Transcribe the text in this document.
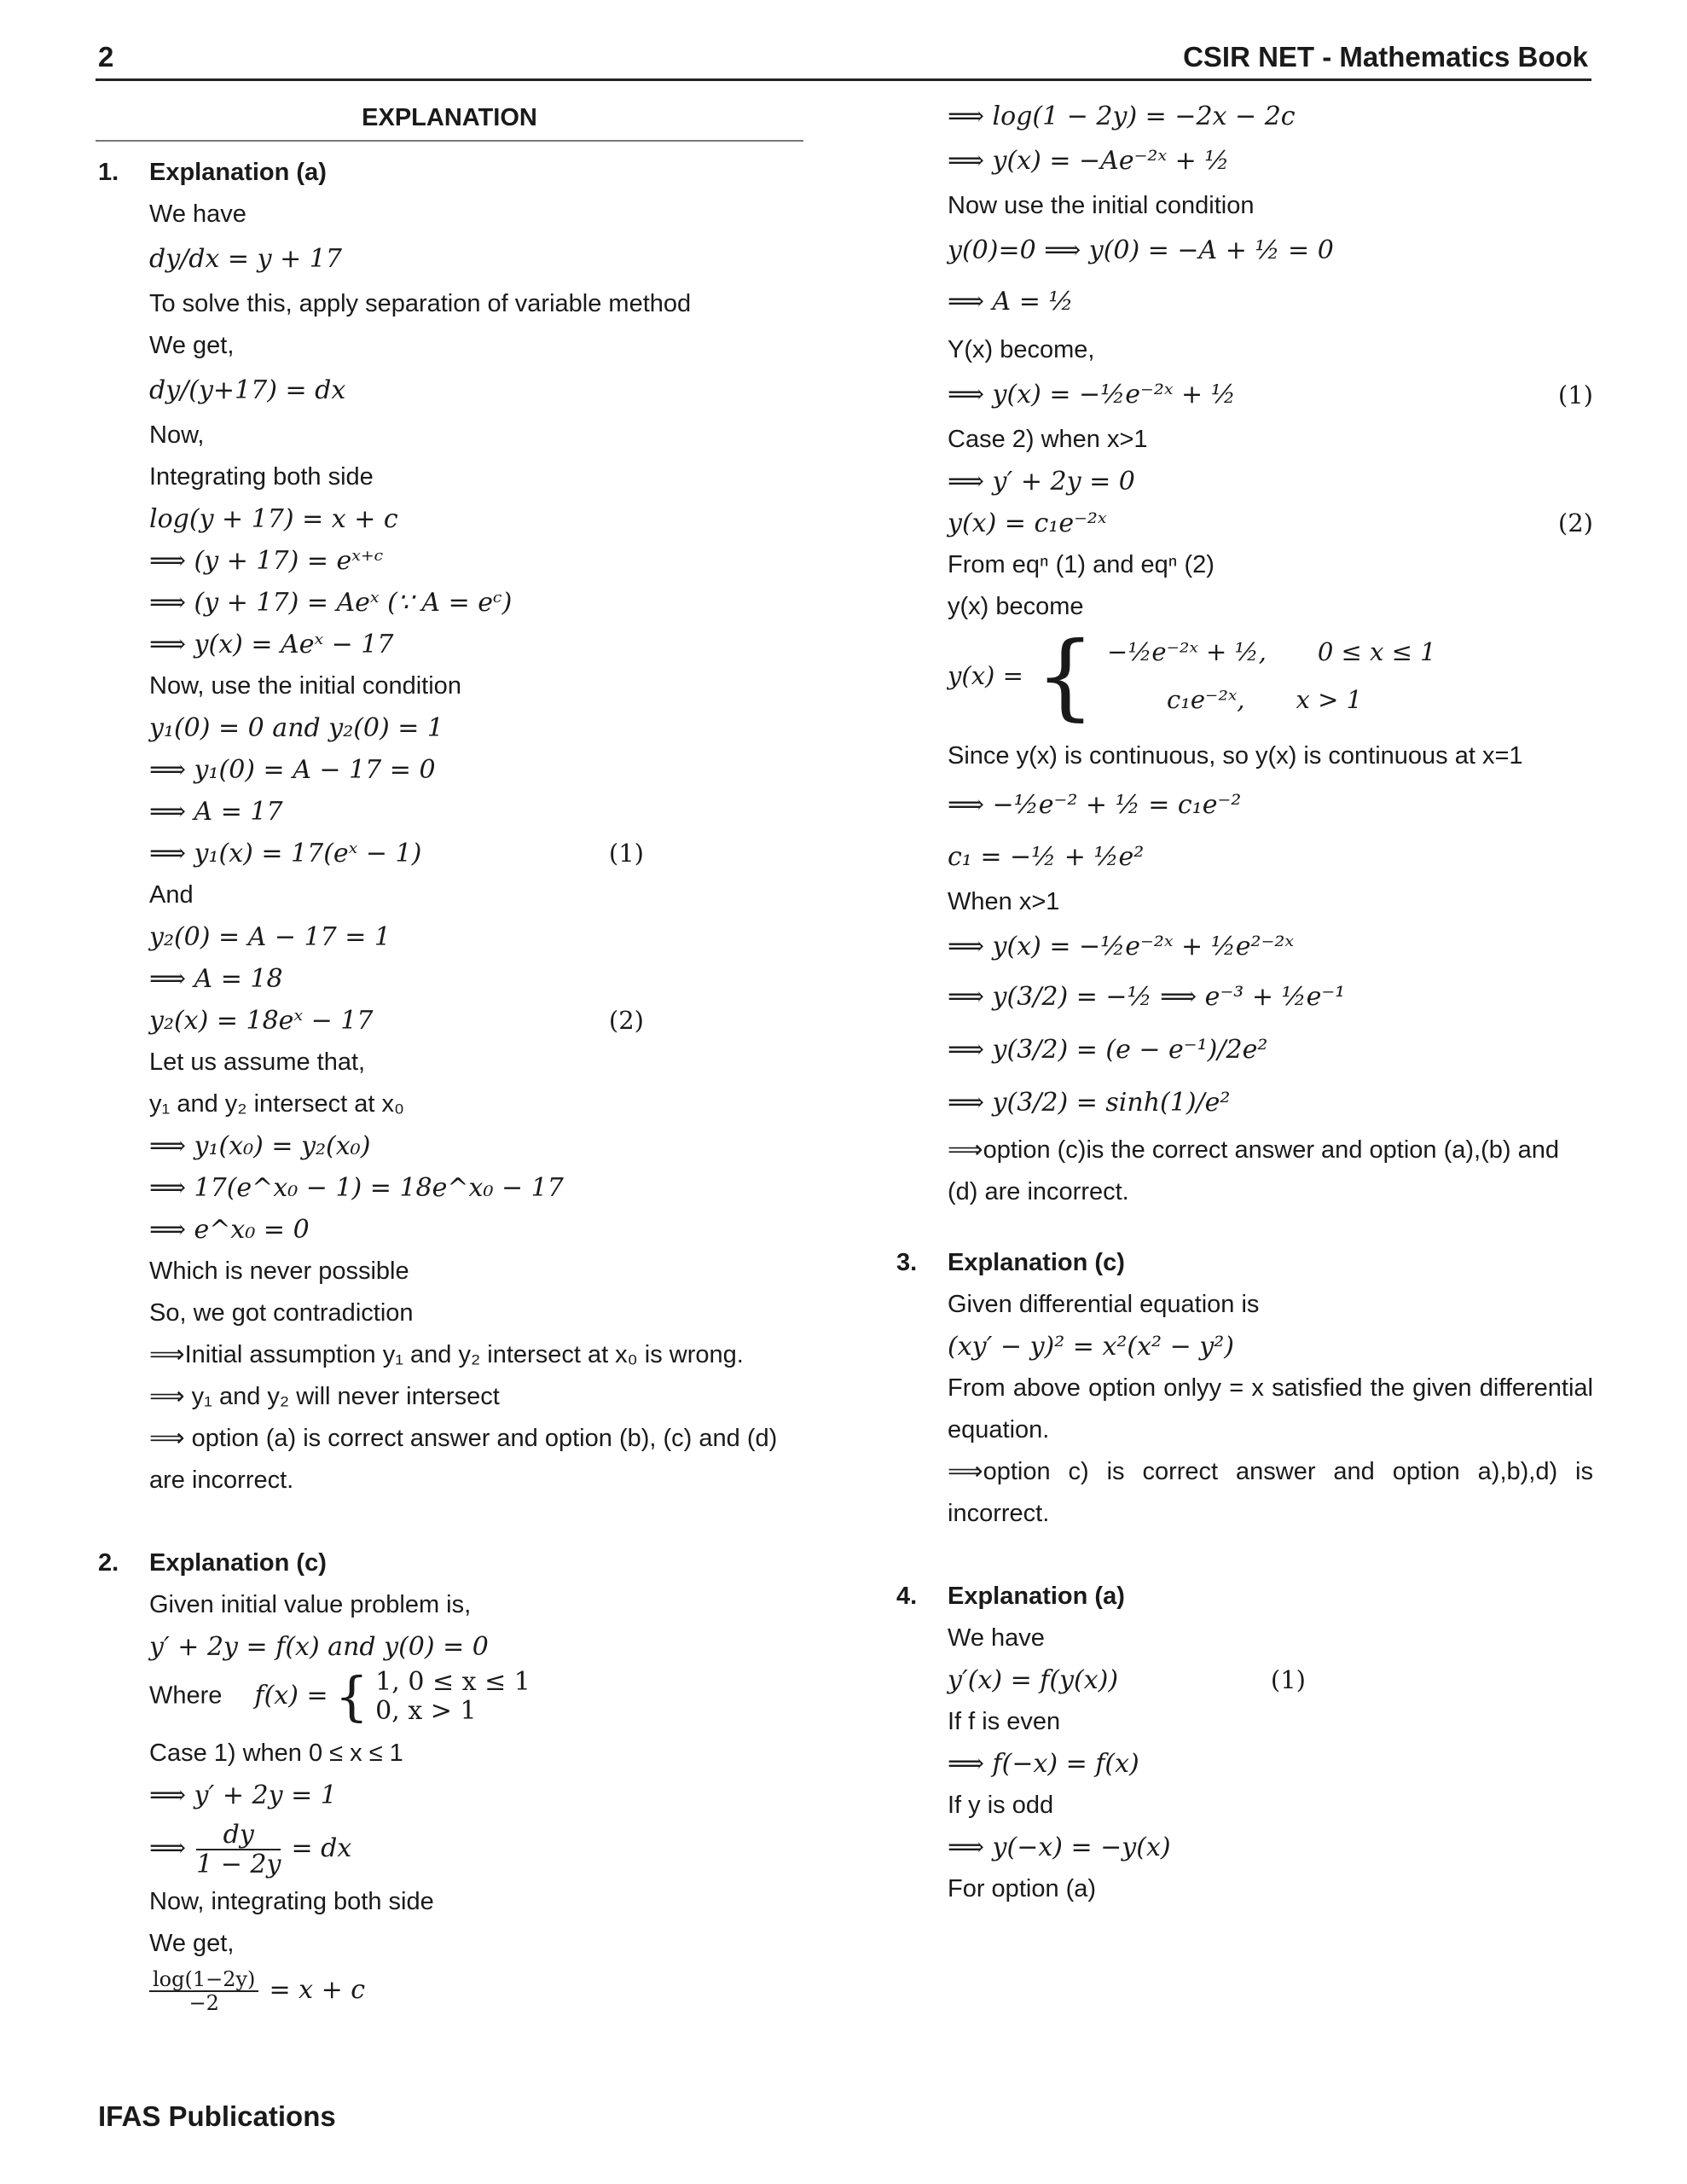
2	CSIR NET - Mathematics Book
EXPLANATION
1. Explanation (a)
We have
dy/dx = y + 17
To solve this, apply separation of variable method
We get,
dy/(y+17) = dx
Now,
Integrating both side
log(y + 17) = x + c
⟹ (y + 17) = eˣ⁺ᶜ
⟹ (y + 17) = Aeˣ (∵ A = eᶜ)
⟹ y(x) = Aeˣ − 17
Now, use the initial condition
y₁(0) = 0 and y₂(0) = 1
⟹ y₁(0) = A − 17 = 0
⟹ A = 17
⟹ y₁(x) = 17(eˣ − 1)	(1)
And
y₂(0) = A − 17 = 1
⟹ A = 18
y₂(x) = 18eˣ − 17	(2)
Let us assume that,
y₁ and y₂ intersect at x₀
⟹ y₁(x₀) = y₂(x₀)
⟹ 17(e^x₀ − 1) = 18e^x₀ − 17
⟹ e^x₀ = 0
Which is never possible
So, we got contradiction
⟹Initial assumption y₁ and y₂ intersect at x₀ is wrong.
⟹ y₁ and y₂ will never intersect
⟹ option (a) is correct answer and option (b), (c) and (d)
are incorrect.
2. Explanation (c)
Given initial value problem is,
y′ + 2y = f(x) and y(0) = 0
Where f(x) = { 1, 0 ≤ x ≤ 1
0, x > 1
Case 1) when 0 ≤ x ≤ 1
⟹ y′ + 2y = 1
⟹ $\frac{dy}{1 - 2y}$ = dx
Now, integrating both side
We get,
$\frac{\log(1-2y)}{-2} = x + c$
⟹ log(1 − 2y) = −2x − 2c
⟹ y(x) = −Ae⁻²ˣ + ½
Now use the initial condition
y(0)=0 ⟹ y(0) = −A + ½ = 0
⟹ A = ½
Y(x) become,
⟹ y(x) = −½e⁻²ˣ + ½	(1)
Case 2) when x>1
⟹ y′ + 2y = 0
y(x) = c₁e⁻²ˣ	(2)
From eqⁿ (1) and eqⁿ (2)
y(x) become
y(x) = { −½e⁻²ˣ + ½, 0 ≤ x ≤ 1
c₁e⁻²ˣ, x > 1
Since y(x) is continuous, so y(x) is continuous at x=1
⟹ −½e⁻² + ½ = c₁e⁻²
c₁ = −½ + ½e²
When x>1
⟹ y(x) = −½e⁻²ˣ + ½e²⁻²ˣ
⟹ y(3/2) = −½ ⟹ e⁻³ + ½e⁻¹
⟹ y(3/2) = (e − e⁻¹)/2e²
⟹ y(3/2) = sinh(1)/e²
⟹option (c)is the correct answer and option (a),(b) and
(d) are incorrect.
3. Explanation (c)
Given differential equation is
(xy′ − y)² = x²(x² − y²)
From above option onlyy = x satisfied the given differential equation.
⟹option c) is correct answer and option a),b),d) is incorrect.
4. Explanation (a)
We have
y′(x) = f(y(x))	(1)
If f is even
⟹ f(−x) = f(x)
If y is odd
⟹ y(−x) = −y(x)
For option (a)
IFAS Publications
